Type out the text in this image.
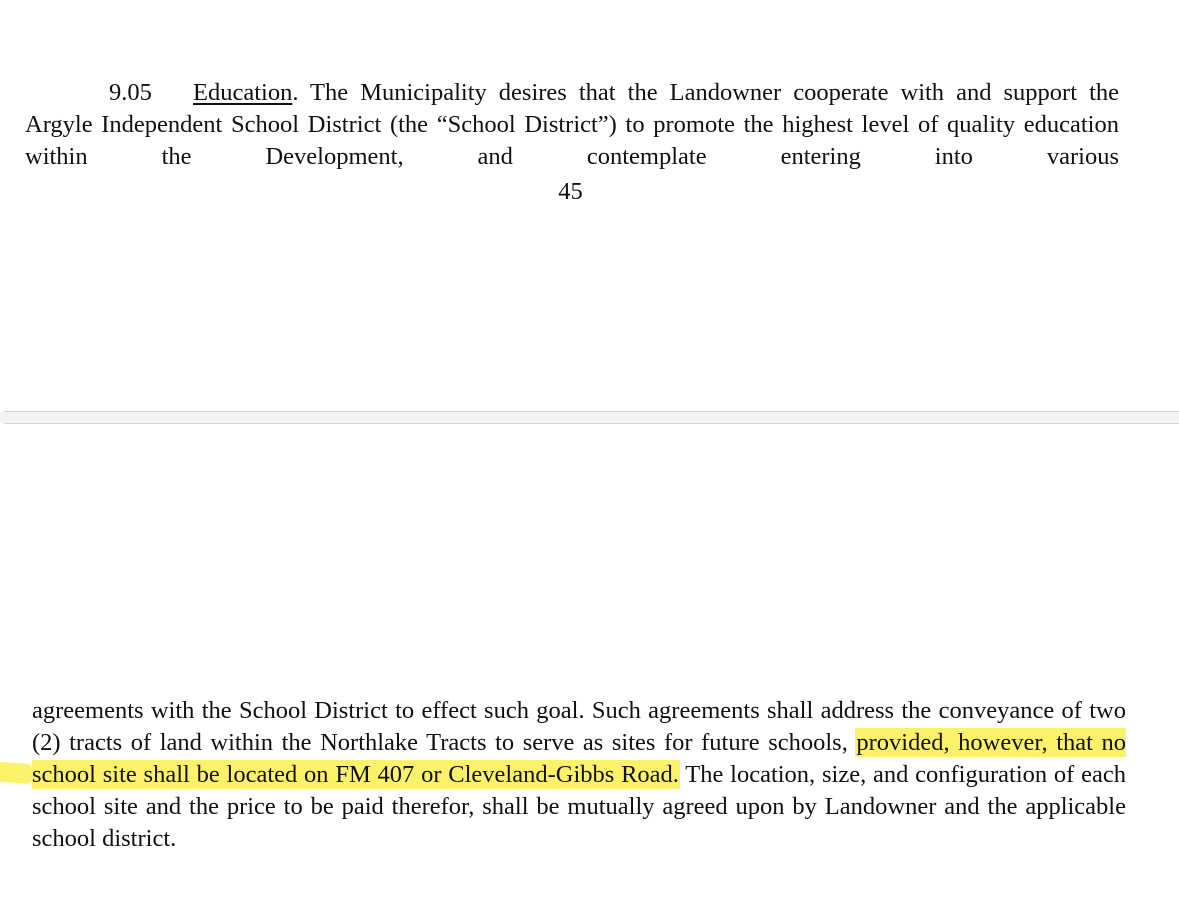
9.05 Education. The Municipality desires that the Landowner cooperate with and support the Argyle Independent School District (the “School District”) to promote the highest level of quality education within the Development, and contemplate entering into various

45

agreements with the School District to effect such goal. Such agreements shall address the conveyance of two (2) tracts of land within the Northlake Tracts to serve as sites for future schools, provided, however, that no school site shall be located on FM 407 or Cleveland-Gibbs Road. The location, size, and configuration of each school site and the price to be paid therefor, shall be mutually agreed upon by Landowner and the applicable school district.
